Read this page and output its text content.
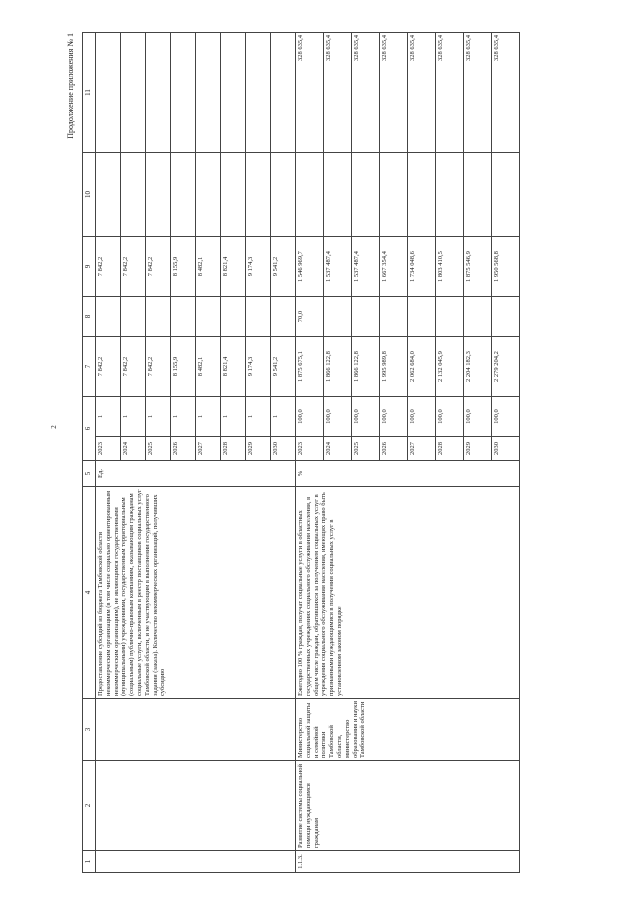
2
Продолжение приложения № 1
1	2	3	4	5	6		7	8	9	10	11
			Предоставление субсидий из бюджета Тамбовской области некоммерческим организациям (в том числе социально ориентированным некоммерческим организациям), не являющимся государственными (муниципальными) учреждениями, государственным территориальным (социальным) публично-правовым компаниям, оказывающим гражданам социальные услуги, включенным в реестр поставщиков социальных услуг Тамбовской области, и не участвующим в выполнении государственного задания (заказа). Количество некоммерческих организаций, получивших субсидию	Ед.	2023	1	7 842,2		7 842,2		
					2024	1	7 842,2		7 842,2		
					2025	1	7 842,2		7 842,2		
					2026	1	8 155,9		8 155,9		
					2027	1	8 482,1		8 482,1		
					2028	1	8 821,4		8 821,4		
					2029	1	9 174,3		9 174,3		
					2030	1	9 541,2		9 541,2		
1.1.3.	Развитие системы социальной помощи нуждающимся гражданам	Министерство социальной защиты и семейной политики Тамбовской области, министерство образования и науки Тамбовской области	Ежегодно 100 % граждан, получат социальные услуги в областных государственных учреждениях социального обслуживания населения, в общем числе граждан, обратившихся за получением социальных услуг в учреждения социального обслуживания населения, имеющих право быть признанными нуждающимися в получении социальных услуг в установленном законом порядке	%	2023	100,0	1 875 675,1	70,0	1 546 969,7		328 635,4
					2024	100,0	1 866 122,8		1 537 487,4		328 635,4
					2025	100,0	1 866 122,8		1 537 487,4		328 635,4
					2026	100,0	1 995 989,8		1 667 354,4		328 635,4
					2027	100,0	2 062 684,0		1 734 048,6		328 635,4
					2028	100,0	2 132 045,9		1 803 410,5		328 635,4
					2029	100,0	2 204 182,3		1 875 546,9		328 635,4
					2030	100,0	2 279 204,2		1 950 568,8		328 635,4
